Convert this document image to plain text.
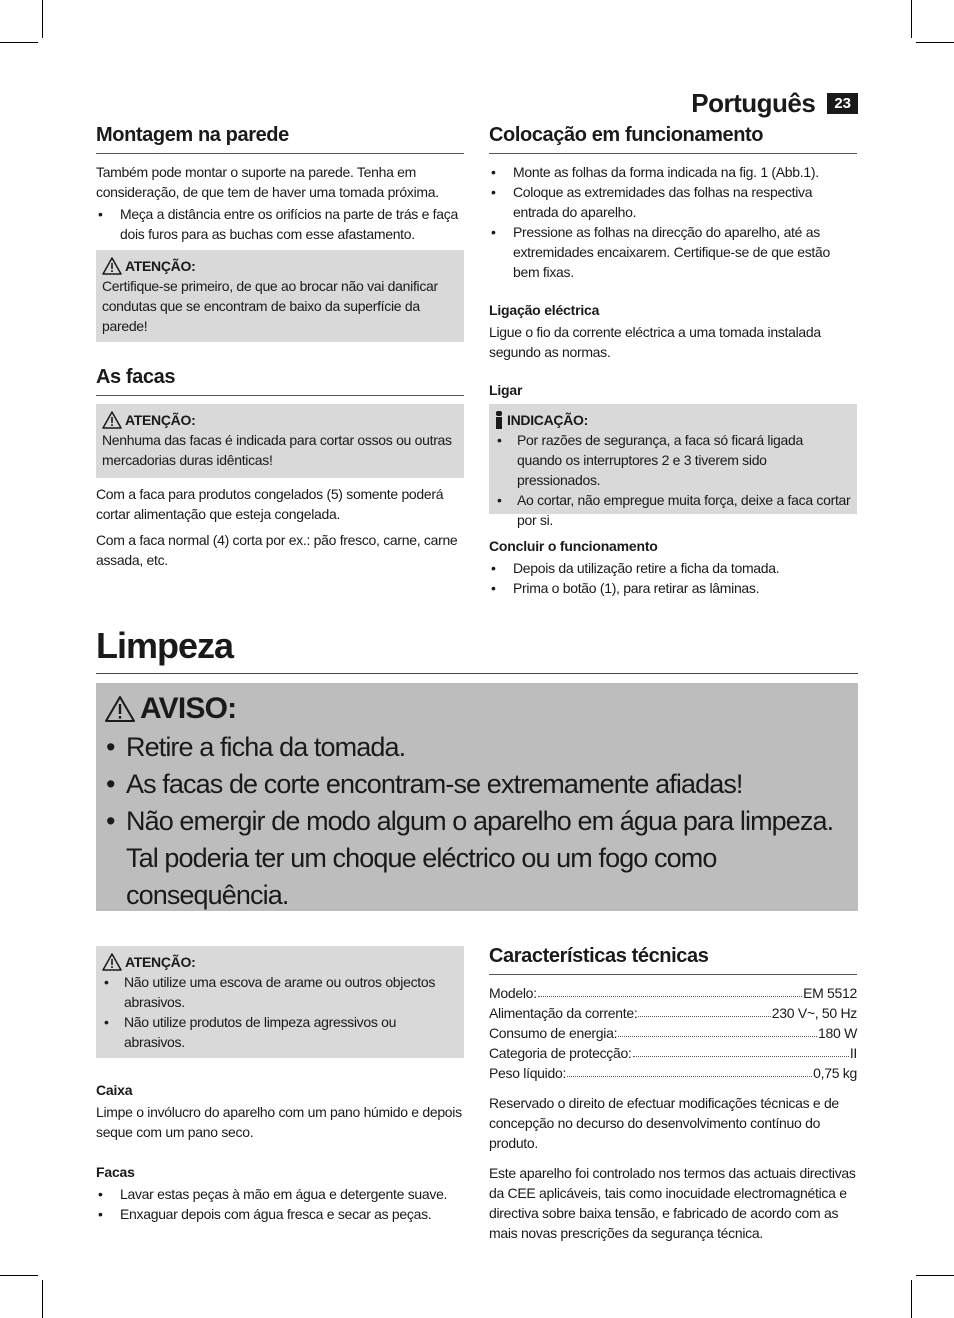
Português	23
Montagem na parede
Também pode montar o suporte na parede. Tenha em consideração, de que tem de haver uma tomada próxima.
• Meça a distância entre os orifícios na parte de trás e faça dois furos para as buchas com esse afastamento.
ATENÇÃO:
Certifique-se primeiro, de que ao brocar não vai danificar condutas que se encontram de baixo da superfície da parede!
As facas
ATENÇÃO:
Nenhuma das facas é indicada para cortar ossos ou outras mercadorias duras idênticas!
Com a faca para produtos congelados (5) somente poderá cortar alimentação que esteja congelada.
Com a faca normal (4) corta por ex.: pão fresco, carne, carne assada, etc.
Colocação em funcionamento
• Monte as folhas da forma indicada na fig. 1 (Abb.1).
• Coloque as extremidades das folhas na respectiva entrada do aparelho.
• Pressione as folhas na direcção do aparelho, até as extremidades encaixarem. Certifique-se de que estão bem fixas.
Ligação eléctrica
Ligue o fio da corrente eléctrica a uma tomada instalada segundo as normas.
Ligar
INDICAÇÃO:
• Por razões de segurança, a faca só ficará ligada quando os interruptores 2 e 3 tiverem sido pressionados.
• Ao cortar, não empregue muita força, deixe a faca cortar por si.
Concluir o funcionamento
• Depois da utilização retire a ficha da tomada.
• Prima o botão (1), para retirar as lâminas.
Limpeza
AVISO:
• Retire a ficha da tomada.
• As facas de corte encontram-se extremamente afiadas!
• Não emergir de modo algum o aparelho em água para limpeza. Tal poderia ter um choque eléctrico ou um fogo como consequência.
ATENÇÃO:
• Não utilize uma escova de arame ou outros objectos abrasivos.
• Não utilize produtos de limpeza agressivos ou abrasivos.
Caixa
Limpe o invólucro do aparelho com um pano húmido e depois seque com um pano seco.
Facas
• Lavar estas peças à mão em água e detergente suave.
• Enxaguar depois com água fresca e secar as peças.
Características técnicas
Modelo:	EM 5512
Alimentação da corrente:	230 V~, 50 Hz
Consumo de energia:	180 W
Categoria de protecção:	II
Peso líquido:	0,75 kg
Reservado o direito de efectuar modificações técnicas e de concepção no decurso do desenvolvimento contínuo do produto.
Este aparelho foi controlado nos termos das actuais directivas da CEE aplicáveis, tais como inocuidade electromagnética e directiva sobre baixa tensão, e fabricado de acordo com as mais novas prescrições da segurança técnica.
